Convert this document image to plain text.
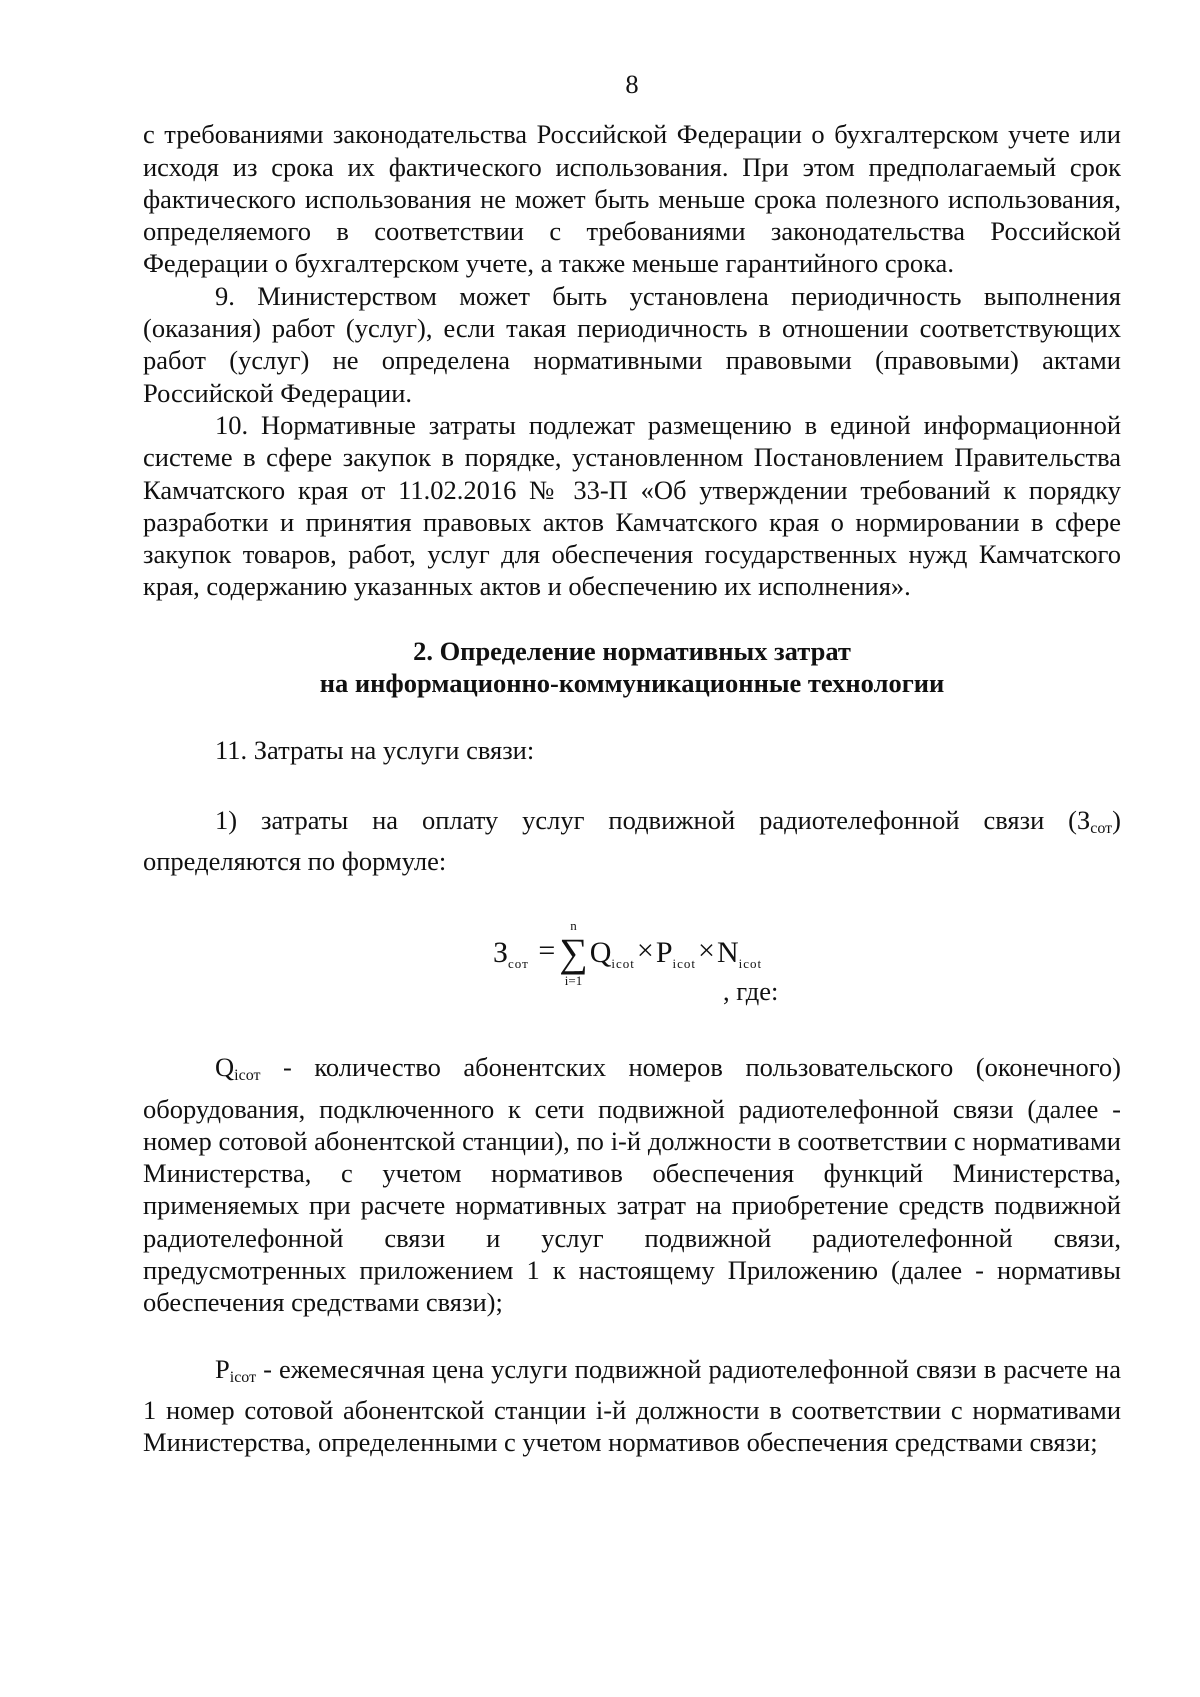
8

с требованиями законодательства Российской Федерации о бухгалтерском учете или исходя из срока их фактического использования. При этом предполагаемый срок фактического использования не может быть меньше срока полезного использования, определяемого в соответствии с требованиями законодательства Российской Федерации о бухгалтерском учете, а также меньше гарантийного срока.

9. Министерством может быть установлена периодичность выполнения (оказания) работ (услуг), если такая периодичность в отношении соответствующих работ (услуг) не определена нормативными правовыми (правовыми) актами Российской Федерации.

10. Нормативные затраты подлежат размещению в единой информационной системе в сфере закупок в порядке, установленном Постановлением Правительства Камчатского края от 11.02.2016 № 33-П «Об утверждении требований к порядку разработки и принятия правовых актов Камчатского края о нормировании в сфере закупок товаров, работ, услуг для обеспечения государственных нужд Камчатского края, содержанию указанных актов и обеспечению их исполнения».

2. Определение нормативных затрат

на информационно-коммуникационные технологии

11. Затраты на услуги связи:

1) затраты на оплату услуг подвижной радиотелефонной связи (Зсот) определяются по формуле:

$З_{сот}$ =
n
∑
i=1
$Q_{icot}\times P_{icot}\times N_{icot}$
, где:

Qiсот - количество абонентских номеров пользовательского (оконечного) оборудования, подключенного к сети подвижной радиотелефонной связи (далее - номер сотовой абонентской станции), по i-й должности в соответствии с нормативами Министерства, с учетом нормативов обеспечения функций Министерства, применяемых при расчете нормативных затрат на приобретение средств подвижной радиотелефонной связи и услуг подвижной радиотелефонной связи, предусмотренных приложением 1 к настоящему Приложению (далее - нормативы обеспечения средствами связи);

Piсот - ежемесячная цена услуги подвижной радиотелефонной связи в расчете на 1 номер сотовой абонентской станции i-й должности в соответствии с нормативами Министерства, определенными с учетом нормативов обеспечения средствами связи;
